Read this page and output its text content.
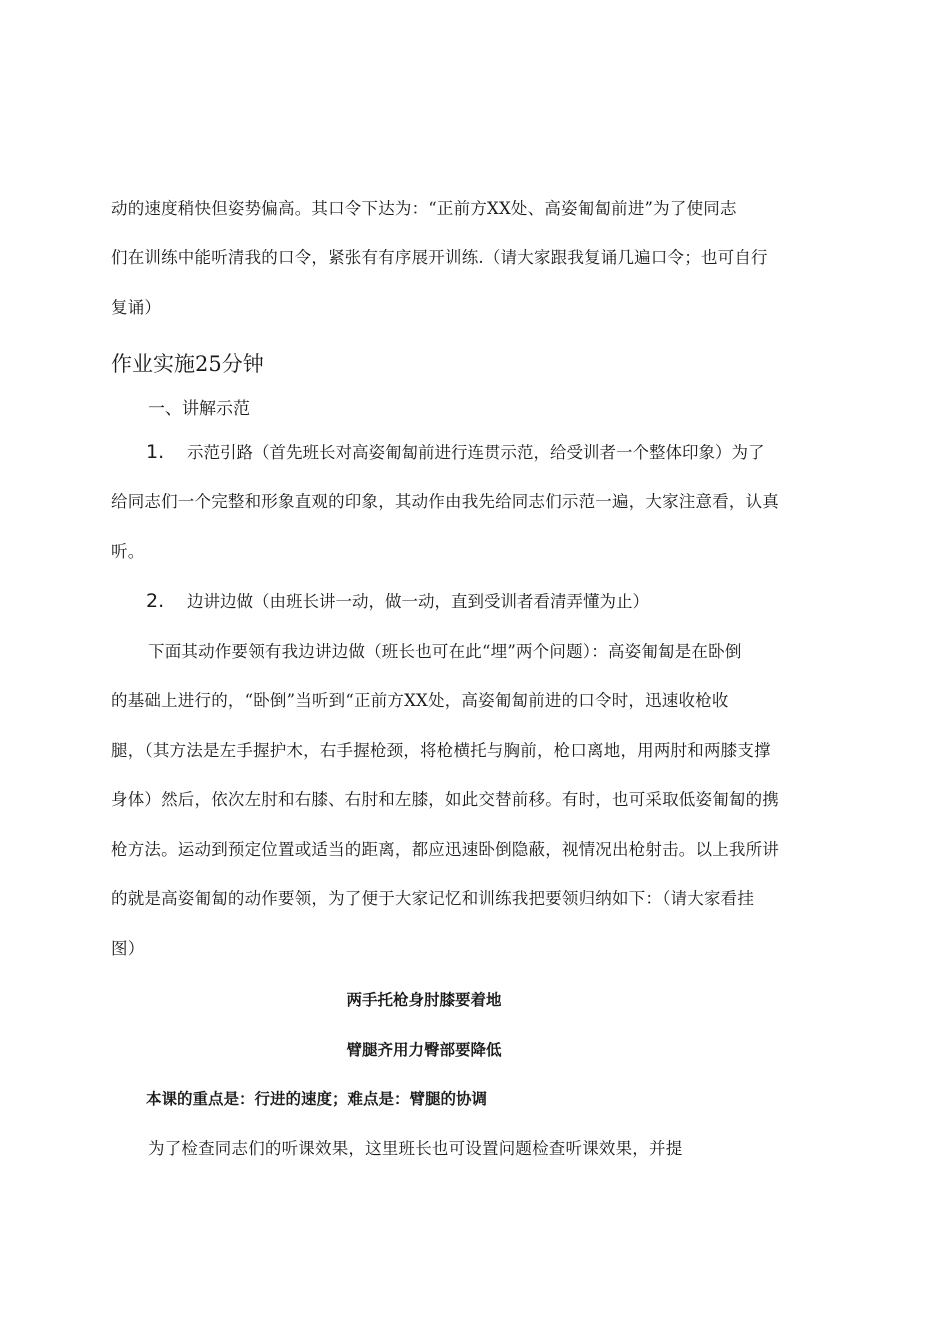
动的速度稍快但姿势偏高。其口令下达为：“正前方XX处、高姿匍匐前进”为了使同志
们在训练中能听清我的口令，紧张有有序展开训练.（请大家跟我复诵几遍口令；也可自行
复诵）
作业实施25分钟
一、讲解示范
1. 示范引路（首先班长对高姿匍匐前进行连贯示范，给受训者一个整体印象）为了
给同志们一个完整和形象直观的印象，其动作由我先给同志们示范一遍，大家注意看，认真
听。
2. 边讲边做（由班长讲一动，做一动，直到受训者看清弄懂为止）
下面其动作要领有我边讲边做（班长也可在此“埋”两个问题）：高姿匍匐是在卧倒
的基础上进行的，“卧倒”当听到“正前方XX处，高姿匍匐前进的口令时，迅速收枪收
腿，（其方法是左手握护木，右手握枪颈，将枪横托与胸前，枪口离地，用两肘和两膝支撑
身体）然后，依次左肘和右膝、右肘和左膝，如此交替前移。有时，也可采取低姿匍匐的携
枪方法。运动到预定位置或适当的距离，都应迅速卧倒隐蔽，视情况出枪射击。以上我所讲
的就是高姿匍匐的动作要领，为了便于大家记忆和训练我把要领归纳如下：（请大家看挂
图）
两手托枪身肘膝要着地
臂腿齐用力臀部要降低
本课的重点是：行进的速度；难点是：臂腿的协调
为了检查同志们的听课效果，这里班长也可设置问题检查听课效果，并提
